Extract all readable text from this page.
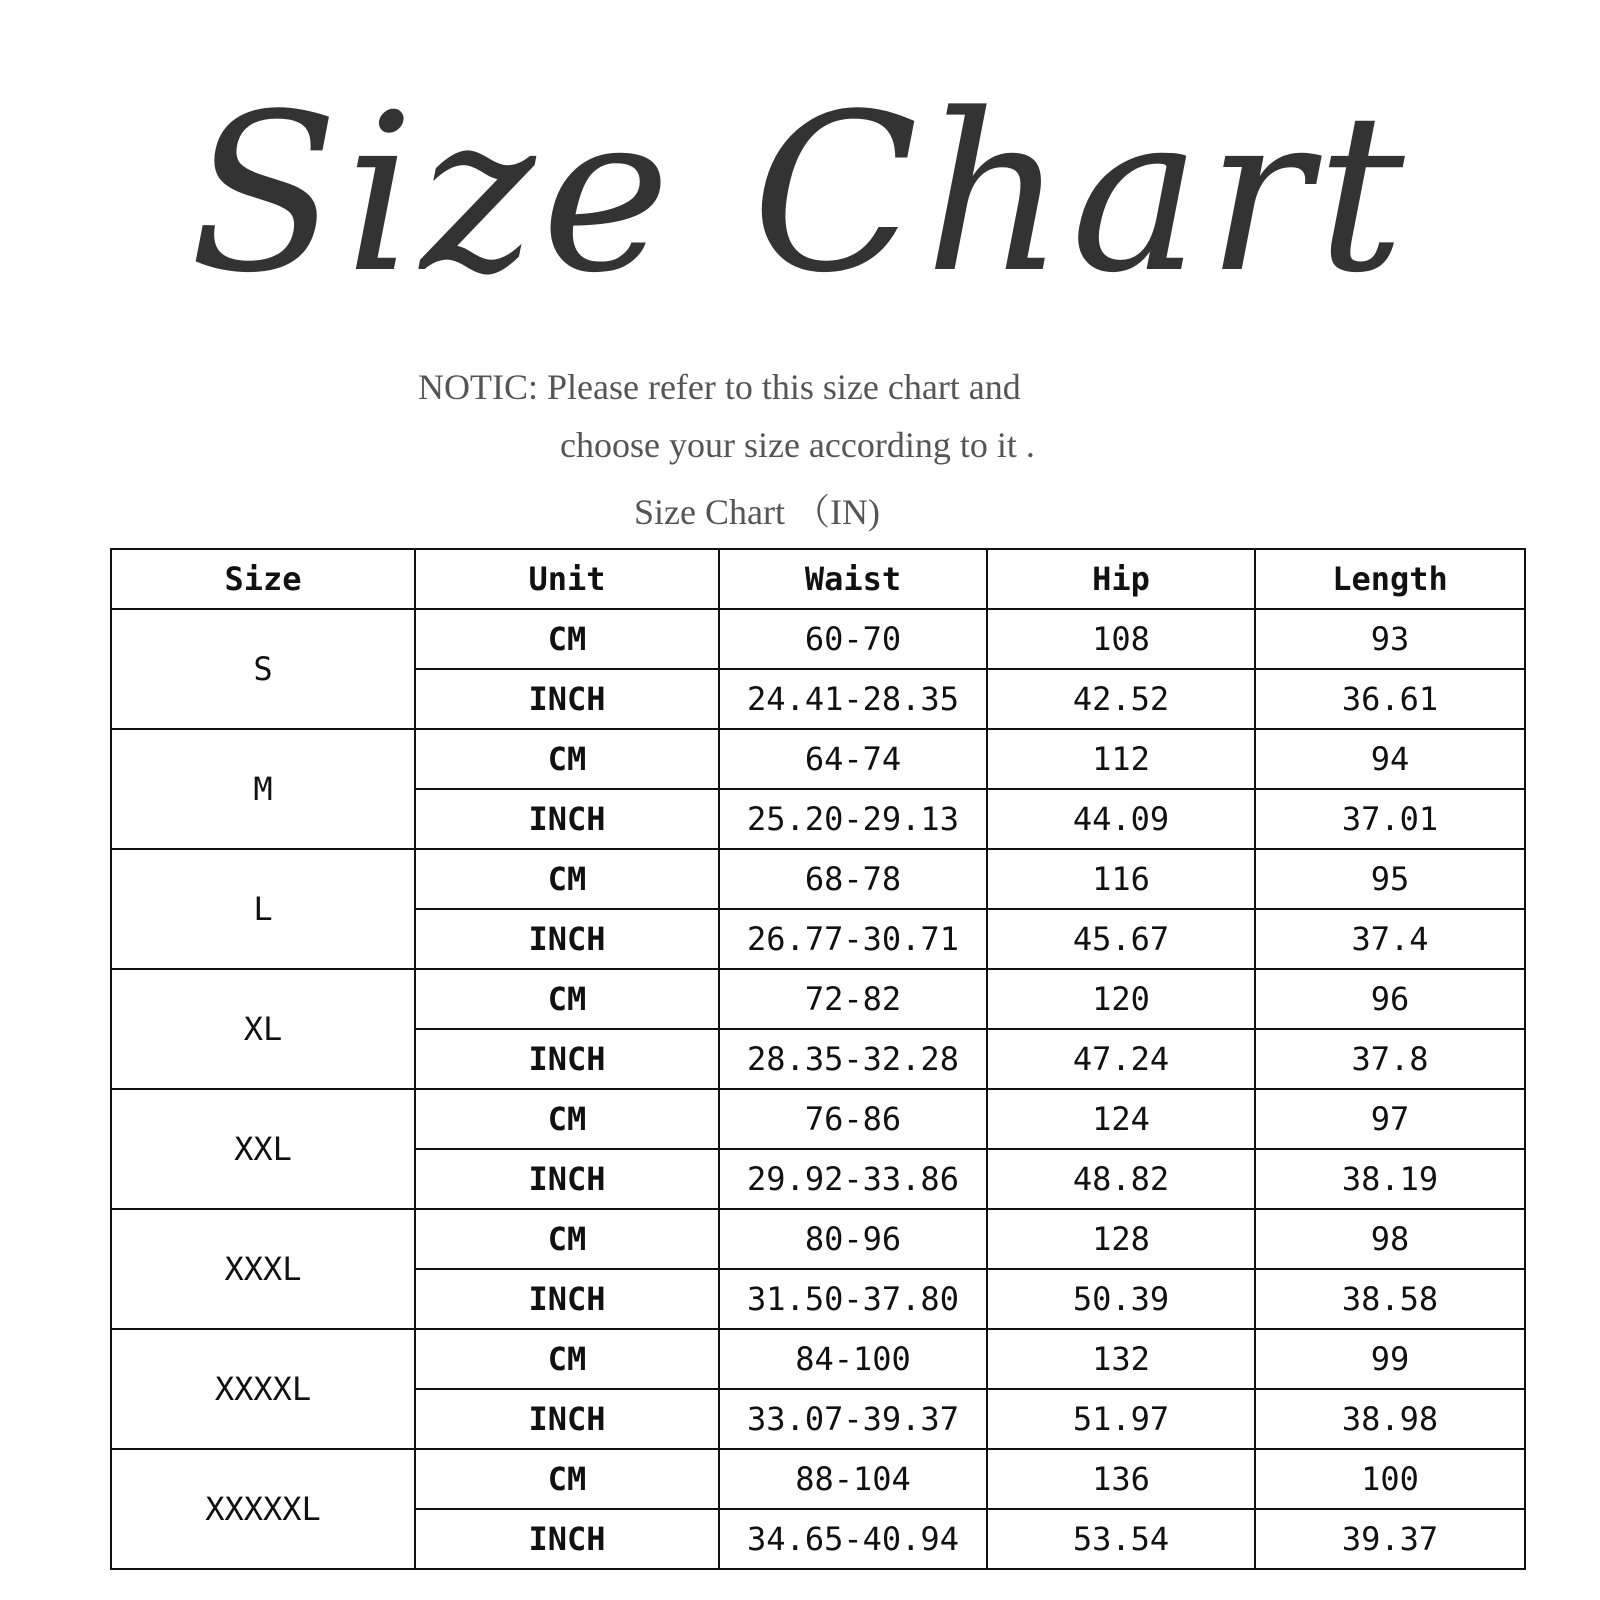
Size Chart
NOTIC: Please refer to this size chart and
choose your size according to it .
Size Chart （IN)
Size	Unit	Waist	Hip	Length
S	CM	60-70	108	93
	INCH	24.41-28.35	42.52	36.61
M	CM	64-74	112	94
	INCH	25.20-29.13	44.09	37.01
L	CM	68-78	116	95
	INCH	26.77-30.71	45.67	37.4
XL	CM	72-82	120	96
	INCH	28.35-32.28	47.24	37.8
XXL	CM	76-86	124	97
	INCH	29.92-33.86	48.82	38.19
XXXL	CM	80-96	128	98
	INCH	31.50-37.80	50.39	38.58
XXXXL	CM	84-100	132	99
	INCH	33.07-39.37	51.97	38.98
XXXXXL	CM	88-104	136	100
	INCH	34.65-40.94	53.54	39.37
